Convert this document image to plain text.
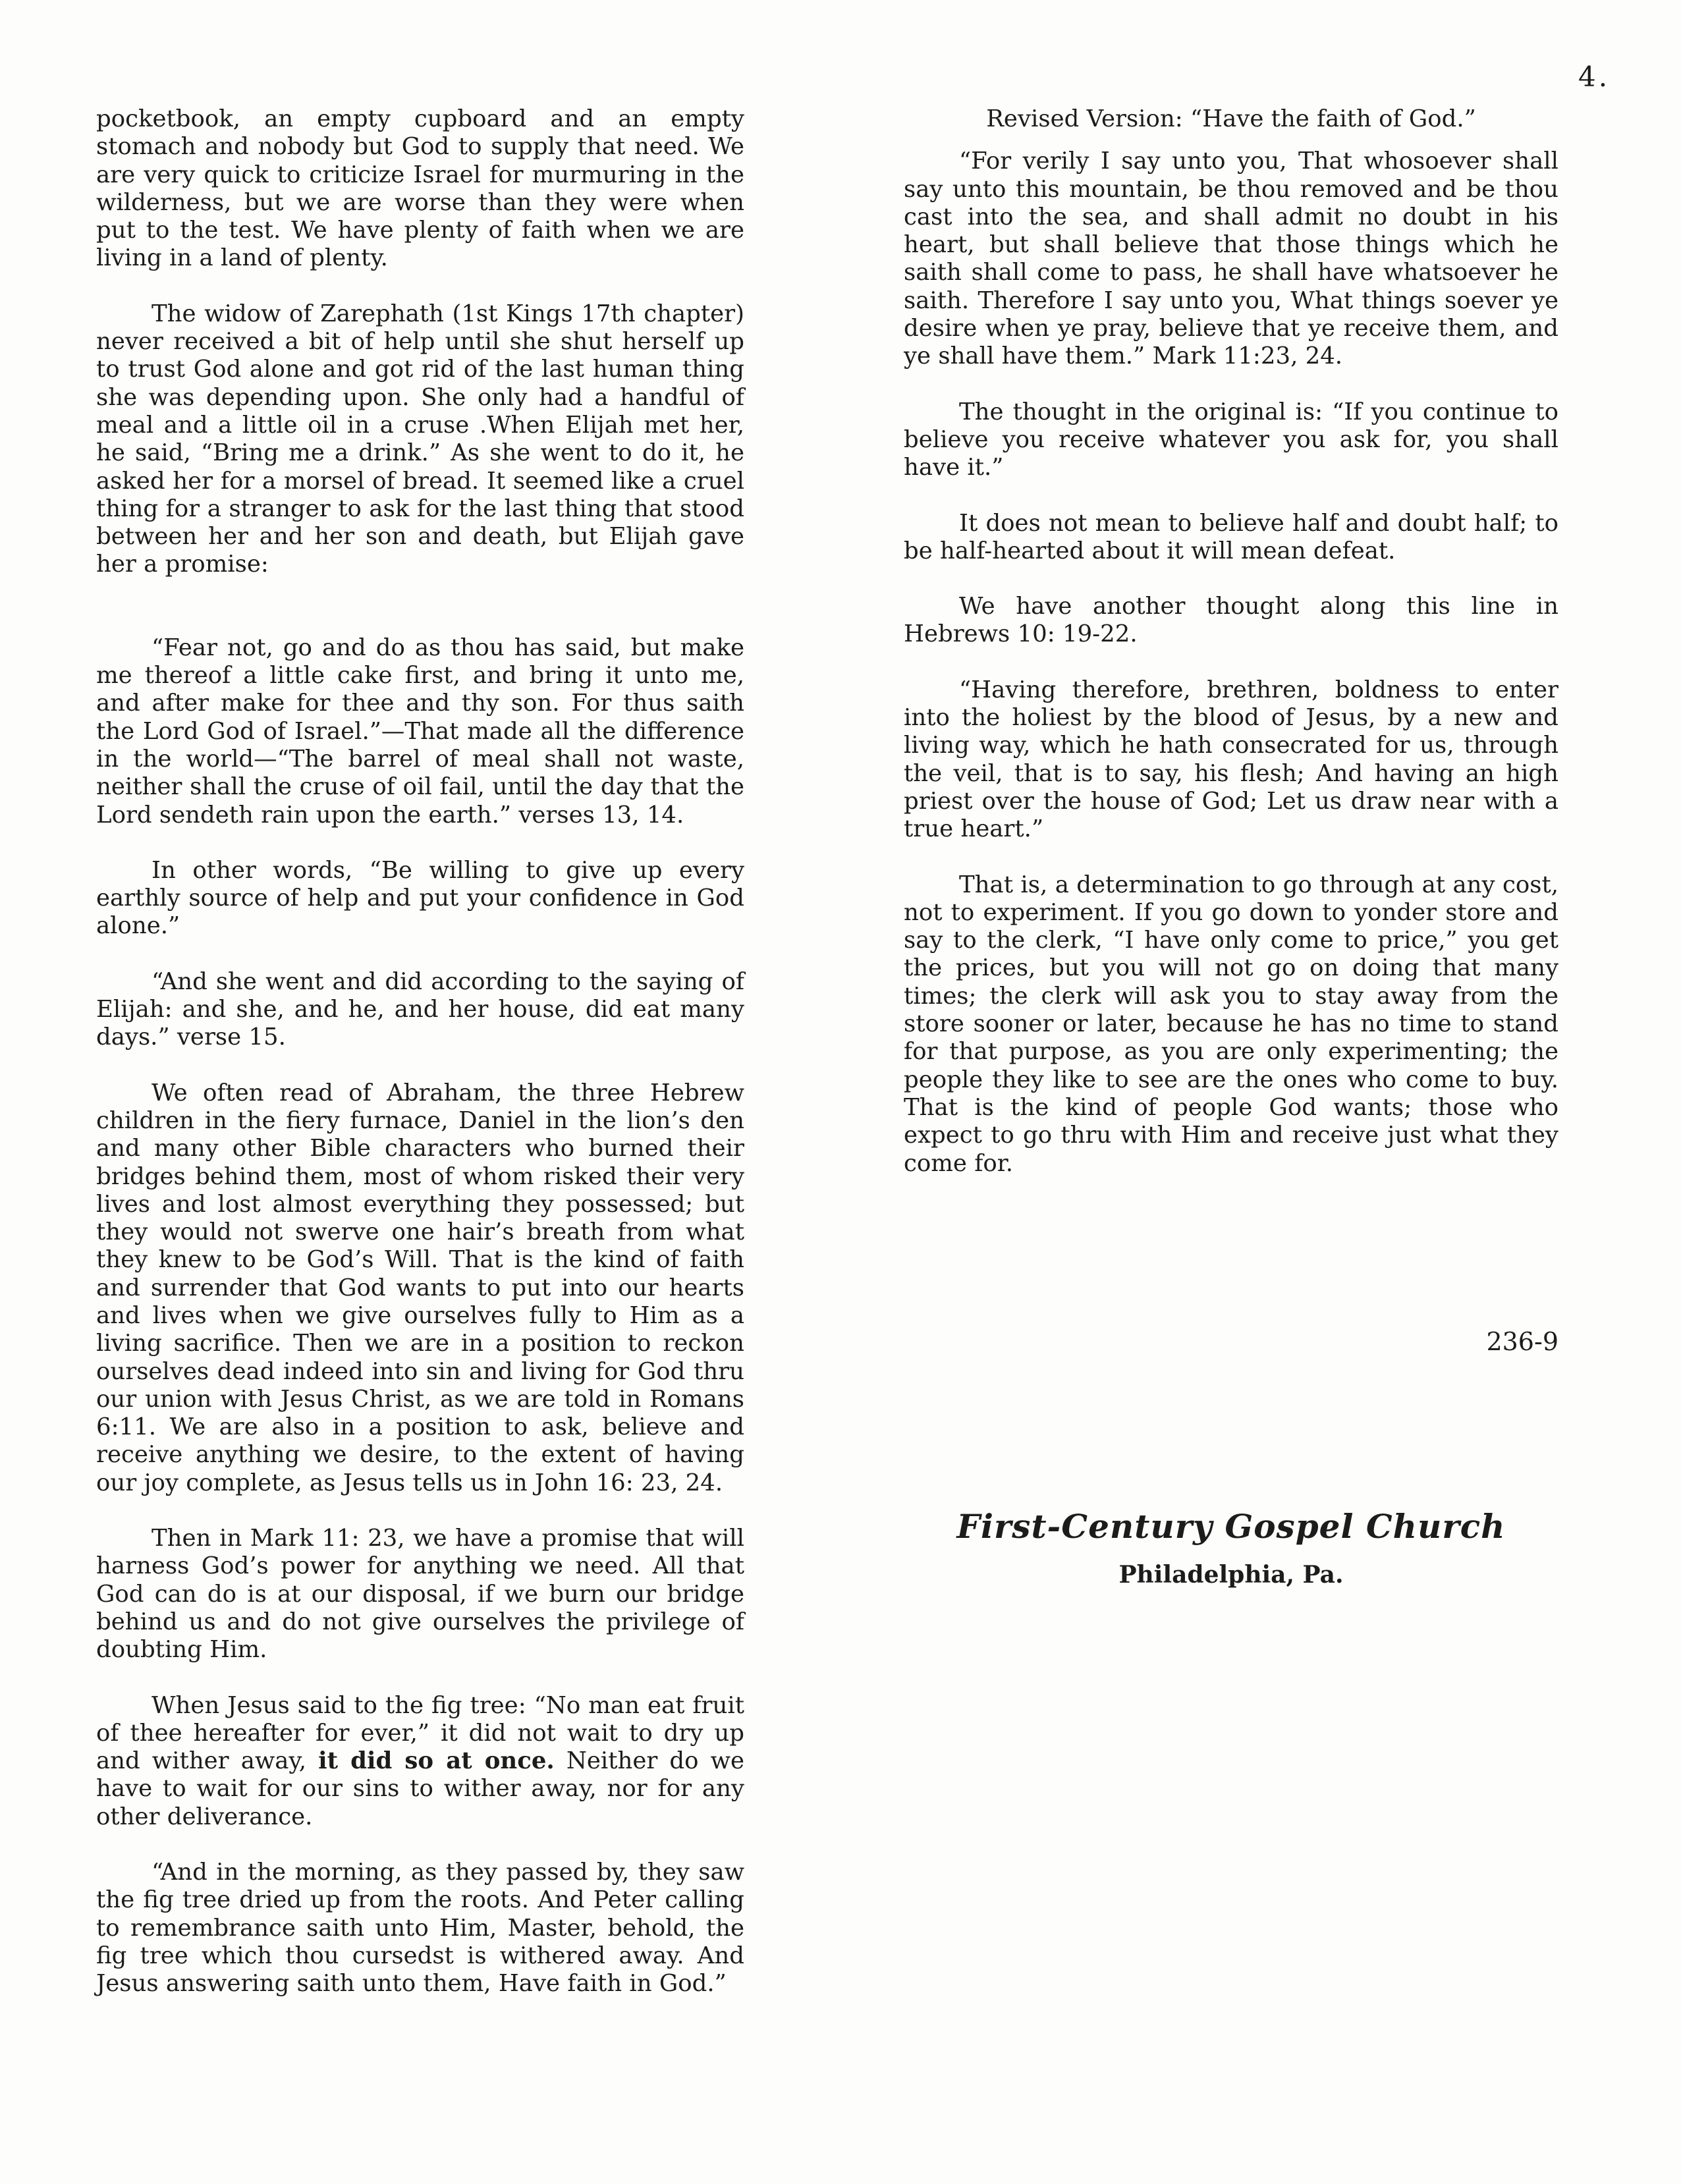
4.

pocketbook, an empty cupboard and an empty stomach and nobody but God to supply that need. We are very quick to criticize Israel for murmuring in the wilderness, but we are worse than they were when put to the test. We have plenty of faith when we are living in a land of plenty.

The widow of Zarephath (1st Kings 17th chapter) never received a bit of help until she shut herself up to trust God alone and got rid of the last human thing she was depending upon. She only had a handful of meal and a little oil in a cruse .When Elijah met her, he said, “Bring me a drink.” As she went to do it, he asked her for a morsel of bread. It seemed like a cruel thing for a stranger to ask for the last thing that stood between her and her son and death, but Elijah gave her a promise:

“Fear not, go and do as thou has said, but make me thereof a little cake first, and bring it unto me, and after make for thee and thy son. For thus saith the Lord God of Israel.”—That made all the difference in the world—“The barrel of meal shall not waste, neither shall the cruse of oil fail, until the day that the Lord sendeth rain upon the earth.” verses 13, 14.

In other words, “Be willing to give up every earthly source of help and put your confidence in God alone.”

“And she went and did according to the saying of Elijah: and she, and he, and her house, did eat many days.” verse 15.

We often read of Abraham, the three Hebrew children in the fiery furnace, Daniel in the lion’s den and many other Bible characters who burned their bridges behind them, most of whom risked their very lives and lost almost everything they possessed; but they would not swerve one hair’s breath from what they knew to be God’s Will. That is the kind of faith and surrender that God wants to put into our hearts and lives when we give ourselves fully to Him as a living sacrifice. Then we are in a position to reckon ourselves dead indeed into sin and living for God thru our union with Jesus Christ, as we are told in Romans 6:11. We are also in a position to ask, believe and receive anything we desire, to the extent of having our joy complete, as Jesus tells us in John 16: 23, 24.

Then in Mark 11: 23, we have a promise that will harness God’s power for anything we need. All that God can do is at our disposal, if we burn our bridge behind us and do not give ourselves the privilege of doubting Him.

When Jesus said to the fig tree: “No man eat fruit of thee hereafter for ever,” it did not wait to dry up and wither away, it did so at once. Neither do we have to wait for our sins to wither away, nor for any other deliverance.

“And in the morning, as they passed by, they saw the fig tree dried up from the roots. And Peter calling to remembrance saith unto Him, Master, behold, the fig tree which thou cursedst is withered away. And Jesus answering saith unto them, Have faith in God.”

Revised Version: “Have the faith of God.”

“For verily I say unto you, That whosoever shall say unto this mountain, be thou removed and be thou cast into the sea, and shall admit no doubt in his heart, but shall believe that those things which he saith shall come to pass, he shall have whatsoever he saith. Therefore I say unto you, What things soever ye desire when ye pray, believe that ye receive them, and ye shall have them.” Mark 11:23, 24.

The thought in the original is: “If you continue to believe you receive whatever you ask for, you shall have it.”

It does not mean to believe half and doubt half; to be half-hearted about it will mean defeat.

We have another thought along this line in Hebrews 10: 19-22.

“Having therefore, brethren, boldness to enter into the holiest by the blood of Jesus, by a new and living way, which he hath consecrated for us, through the veil, that is to say, his flesh; And having an high priest over the house of God; Let us draw near with a true heart.”

That is, a determination to go through at any cost, not to experiment. If you go down to yonder store and say to the clerk, “I have only come to price,” you get the prices, but you will not go on doing that many times; the clerk will ask you to stay away from the store sooner or later, because he has no time to stand for that purpose, as you are only experimenting; the people they like to see are the ones who come to buy. That is the kind of people God wants; those who expect to go thru with Him and receive just what they come for.

236-9
First-Century Gospel Church
Philadelphia, Pa.
